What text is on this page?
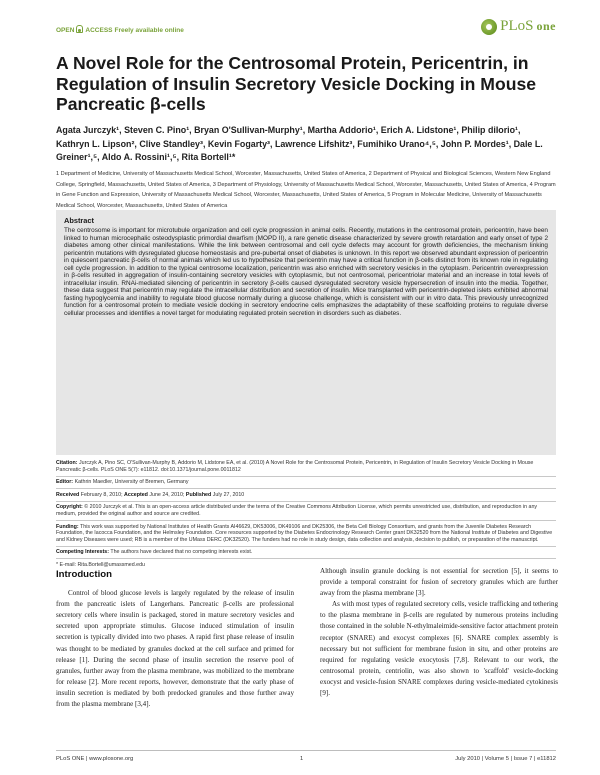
OPEN ACCESS Freely available online	PLoS one
A Novel Role for the Centrosomal Protein, Pericentrin, in Regulation of Insulin Secretory Vesicle Docking in Mouse Pancreatic β-cells
Agata Jurczyk¹, Steven C. Pino¹, Bryan O'Sullivan-Murphy¹, Martha Addorio¹, Erich A. Lidstone¹, Philip diIorio¹, Kathryn L. Lipson², Clive Standley³, Kevin Fogarty³, Lawrence Lifshitz³, Fumihiko Urano⁴,⁵, John P. Mordes¹, Dale L. Greiner¹,⁵, Aldo A. Rossini¹,⁵, Rita Bortell¹*
1 Department of Medicine, University of Massachusetts Medical School, Worcester, Massachusetts, United States of America, 2 Department of Physical and Biological Sciences, Western New England College, Springfield, Massachusetts, United States of America, 3 Department of Physiology, University of Massachusetts Medical School, Worcester, Massachusetts, United States of America, 4 Program in Gene Function and Expression, University of Massachusetts Medical School, Worcester, Massachusetts, United States of America, 5 Program in Molecular Medicine, University of Massachusetts Medical School, Worcester, Massachusetts, United States of America
Abstract

The centrosome is important for microtubule organization and cell cycle progression in animal cells. Recently, mutations in the centrosomal protein, pericentrin, have been linked to human microcephalic osteodysplastic primordial dwarfism (MOPD II), a rare genetic disease characterized by severe growth retardation and early onset of type 2 diabetes among other clinical manifestations. While the link between centrosomal and cell cycle defects may account for growth deficiencies, the mechanism linking pericentrin mutations with dysregulated glucose homeostasis and pre-pubertal onset of diabetes is unknown. In this report we observed abundant expression of pericentrin in quiescent pancreatic β-cells of normal animals which led us to hypothesize that pericentrin may have a critical function in β-cells distinct from its known role in regulating cell cycle progression. In addition to the typical centrosome localization, pericentrin was also enriched with secretory vesicles in the cytoplasm. Pericentrin overexpression in β-cells resulted in aggregation of insulin-containing secretory vesicles with cytoplasmic, but not centrosomal, pericentriolar material and an increase in total levels of intracellular insulin. RNAi-mediated silencing of pericentrin in secretory β-cells caused dysregulated secretory vesicle hypersecretion of insulin into the media. Together, these data suggest that pericentrin may regulate the intracellular distribution and secretion of insulin. Mice transplanted with pericentrin-depleted islets exhibited abnormal fasting hypoglycemia and inability to regulate blood glucose normally during a glucose challenge, which is consistent with our in vitro data. This previously unrecognized function for a centrosomal protein to mediate vesicle docking in secretory endocrine cells emphasizes the adaptability of these scaffolding proteins to regulate diverse cellular processes and identifies a novel target for modulating regulated protein secretion in disorders such as diabetes.

Citation: Jurczyk A, Pino SC, O'Sullivan-Murphy B, Addorio M, Lidstone EA, et al. (2010) A Novel Role for the Centrosomal Protein, Pericentrin, in Regulation of Insulin Secretory Vesicle Docking in Mouse Pancreatic β-cells. PLoS ONE 5(7): e11812. doi:10.1371/journal.pone.0011812
Editor: Kathrin Maedler, University of Bremen, Germany
Received February 8, 2010; Accepted June 24, 2010; Published July 27, 2010
Copyright: © 2010 Jurczyk et al. This is an open-access article distributed under the terms of the Creative Commons Attribution License, which permits unrestricted use, distribution, and reproduction in any medium, provided the original author and source are credited.
Funding: This work was supported by National Institutes of Health Grants AI46629, DK53006, DK49106 and DK25306, the Beta Cell Biology Consortium, and grants from the Juvenile Diabetes Research Foundation, the Iacocca Foundation, and the Helmsley Foundation. Core resources supported by the Diabetes Endocrinology Research Center grant DK32520 from the National Institute of Diabetes and Digestive and Kidney Diseases were used; RB is a member of the UMass DERC (DK32520). The funders had no role in study design, data collection and analysis, decision to publish, or preparation of the manuscript.
Competing Interests: The authors have declared that no competing interests exist.
* E-mail: Rita.Bortell@umassmed.edu
Introduction

Control of blood glucose levels is largely regulated by the release of insulin from the pancreatic islets of Langerhans. Pancreatic β-cells are professional secretory cells where insulin is packaged, stored in mature secretory vesicles and secreted upon appropriate stimulus. Glucose induced stimulation of insulin secretion is typically divided into two phases. A rapid first phase release of insulin was thought to be mediated by granules docked at the cell surface and primed for release [1]. During the second phase of insulin secretion the reserve pool of granules, further away from the plasma membrane, was mobilized to the membrane for release [2]. More recent reports, however, demonstrate that the early phase of insulin secretion is mediated by both predocked granules and those further away from the plasma membrane [3,4].

Although insulin granule docking is not essential for secretion [5], it seems to provide a temporal constraint for fusion of secretory granules which are further away from the plasma membrane [3].

As with most types of regulated secretory cells, vesicle trafficking and tethering to the plasma membrane in β-cells are regulated by numerous proteins including those contained in the soluble N-ethylmaleimide-sensitive factor attachment protein receptor (SNARE) and exocyst complexes [6]. SNARE complex assembly is necessary but not sufficient for membrane fusion in situ, and other proteins are required for regulating vesicle exocytosis [7,8]. Relevant to our work, the centrosomal protein, centriolin, was also shown to 'scaffold' vesicle-docking exocyst and vesicle-fusion SNARE complexes during vesicle-mediated cytokinesis [9].

PLoS ONE | www.plosone.org	1	July 2010 | Volume 5 | Issue 7 | e11812
